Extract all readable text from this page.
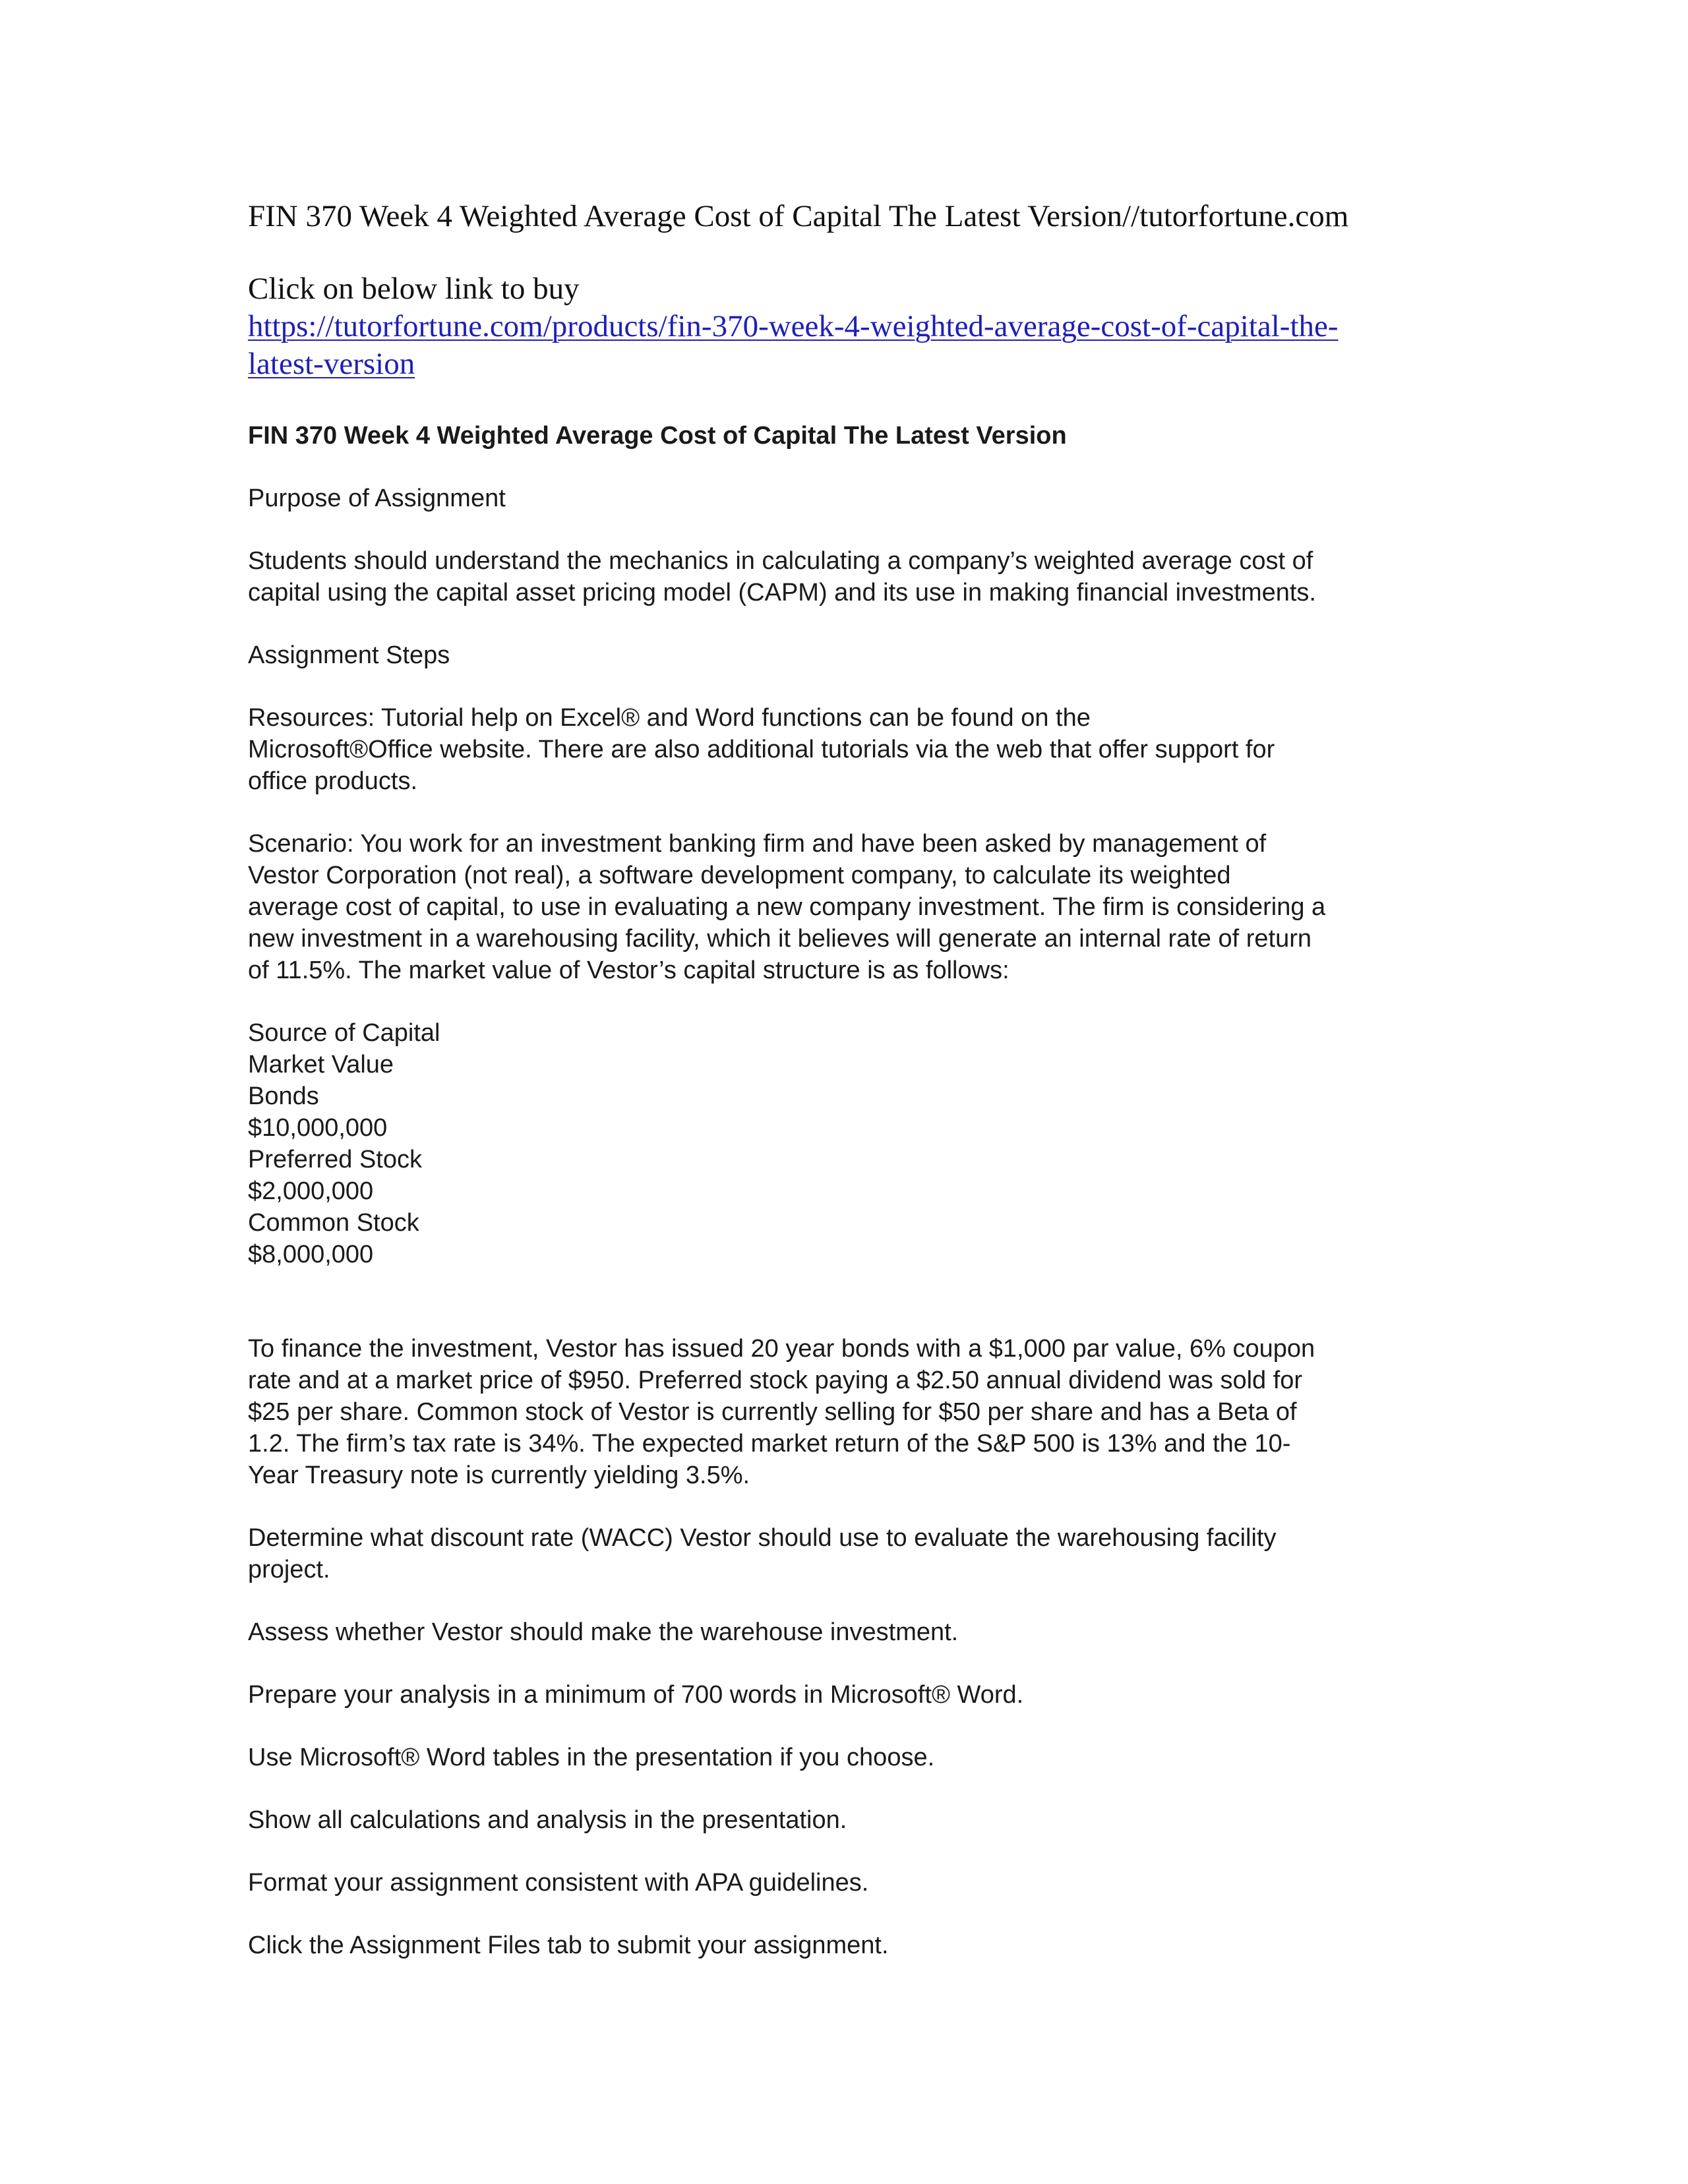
FIN 370 Week 4 Weighted Average Cost of Capital The Latest Version//tutorfortune.com

Click on below link to buy
https://tutorfortune.com/products/fin-370-week-4-weighted-average-cost-of-capital-the-
latest-version
FIN 370 Week 4 Weighted Average Cost of Capital The Latest Version

Purpose of Assignment

Students should understand the mechanics in calculating a company’s weighted average cost of
capital using the capital asset pricing model (CAPM) and its use in making financial investments.

Assignment Steps

Resources: Tutorial help on Excel® and Word functions can be found on the
Microsoft®Office website. There are also additional tutorials via the web that offer support for
office products.

Scenario: You work for an investment banking firm and have been asked by management of
Vestor Corporation (not real), a software development company, to calculate its weighted
average cost of capital, to use in evaluating a new company investment. The firm is considering a
new investment in a warehousing facility, which it believes will generate an internal rate of return
of 11.5%. The market value of Vestor’s capital structure is as follows:

Source of Capital
Market Value
Bonds
$10,000,000
Preferred Stock
$2,000,000
Common Stock
$8,000,000

To finance the investment, Vestor has issued 20 year bonds with a $1,000 par value, 6% coupon
rate and at a market price of $950. Preferred stock paying a $2.50 annual dividend was sold for
$25 per share. Common stock of Vestor is currently selling for $50 per share and has a Beta of
1.2. The firm’s tax rate is 34%. The expected market return of the S&P 500 is 13% and the 10-
Year Treasury note is currently yielding 3.5%.

Determine what discount rate (WACC) Vestor should use to evaluate the warehousing facility
project.

Assess whether Vestor should make the warehouse investment.

Prepare your analysis in a minimum of 700 words in Microsoft® Word.

Use Microsoft® Word tables in the presentation if you choose.

Show all calculations and analysis in the presentation.

Format your assignment consistent with APA guidelines.

Click the Assignment Files tab to submit your assignment.
